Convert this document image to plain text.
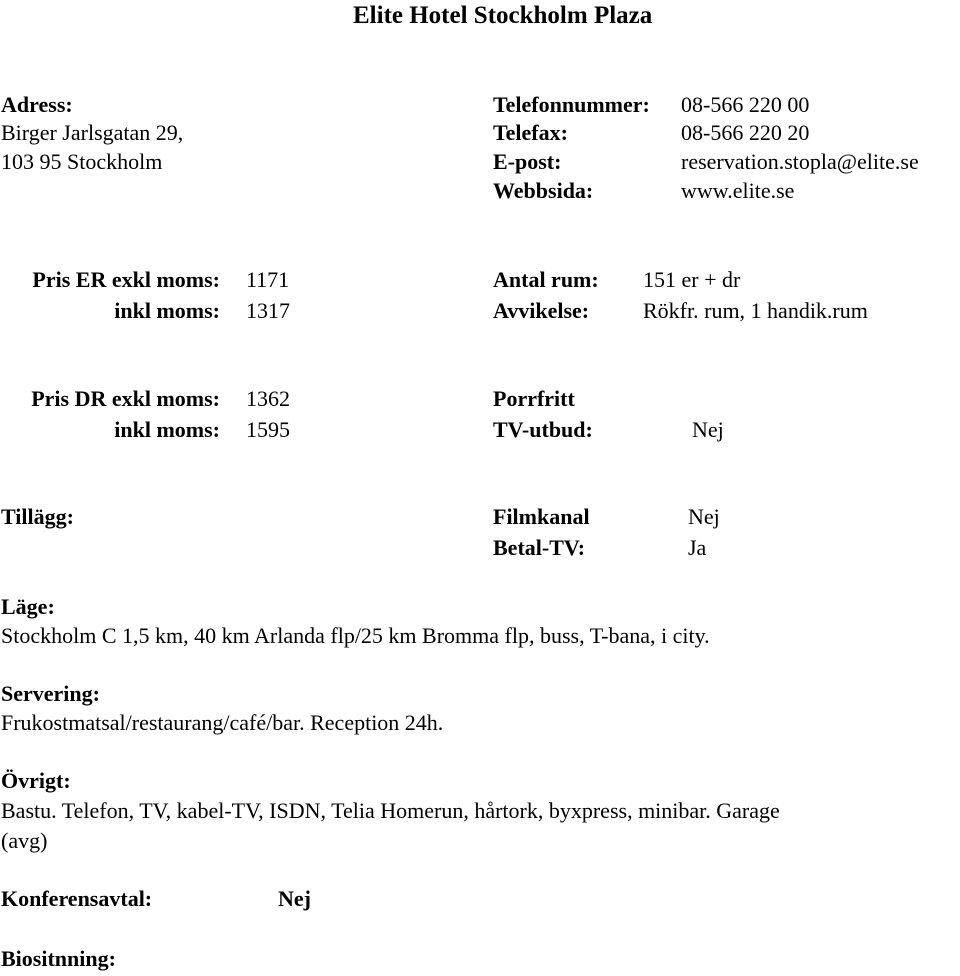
Elite Hotel Stockholm Plaza
Adress:
Birger Jarlsgatan 29,
103 95 Stockholm
Telefonnummer: 08-566 220 00
Telefax:	08-566 220 20
E-post:	reservation.stopla@elite.se
Webbsida:	www.elite.se
Pris ER exkl moms: 1171
inkl moms: 1317
Antal rum: 151 er + dr
Avvikelse: Rökfr. rum, 1 handik.rum
Pris DR exkl moms: 1362
inkl moms: 1595
Porrfritt
TV-utbud:	Nej
Filmkanal	Nej
Betal-TV:	Ja
Tillägg:
Läge:
Stockholm C 1,5 km, 40 km Arlanda flp/25 km Bromma flp, buss, T-bana, i city.
Servering:
Frukostmatsal/restaurang/café/bar. Reception 24h.
Övrigt:
Bastu. Telefon, TV, kabel-TV, ISDN, Telia Homerun, hårtork, byxpress, minibar. Garage
(avg)
Konferensavtal:	Nej
Biositnning:
